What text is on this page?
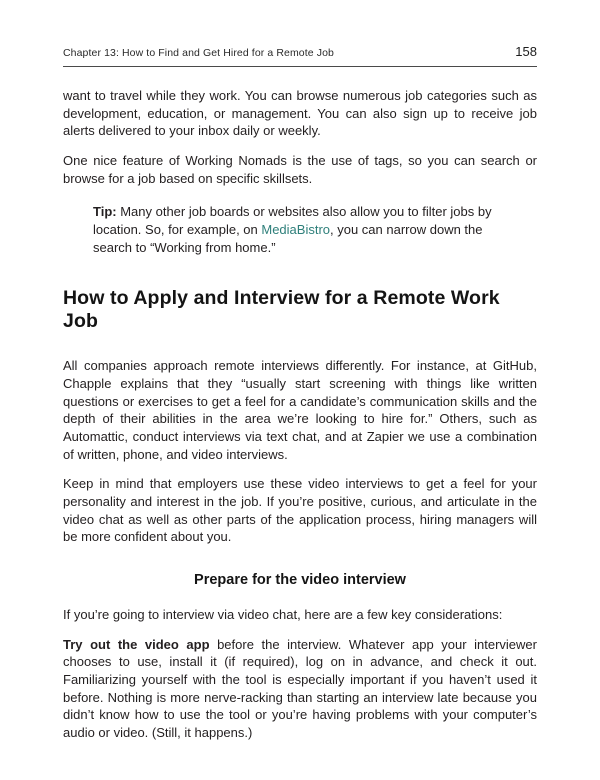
Chapter 13: How to Find and Get Hired for a Remote Job	158

want to travel while they work. You can browse numerous job categories such as development, education, or management. You can also sign up to receive job alerts delivered to your inbox daily or weekly.

One nice feature of Working Nomads is the use of tags, so you can search or browse for a job based on specific skillsets.

Tip: Many other job boards or websites also allow you to filter jobs by location. So, for example, on MediaBistro, you can narrow down the search to “Working from home.”
How to Apply and Interview for a Remote Work Job

All companies approach remote interviews differently. For instance, at GitHub, Chapple explains that they “usually start screening with things like written questions or exercises to get a feel for a candidate’s communication skills and the depth of their abilities in the area we’re looking to hire for.” Others, such as Automattic, conduct interviews via text chat, and at Zapier we use a combination of written, phone, and video interviews.

Keep in mind that employers use these video interviews to get a feel for your personality and interest in the job. If you’re positive, curious, and articulate in the video chat as well as other parts of the application process, hiring managers will be more confident about you.

Prepare for the video interview

If you’re going to interview via video chat, here are a few key considerations:

Try out the video app before the interview. Whatever app your interviewer chooses to use, install it (if required), log on in advance, and check it out. Familiarizing yourself with the tool is especially important if you haven’t used it before. Nothing is more nerve-racking than starting an interview late because you didn’t know how to use the tool or you’re having problems with your computer’s audio or video. (Still, it happens.)
